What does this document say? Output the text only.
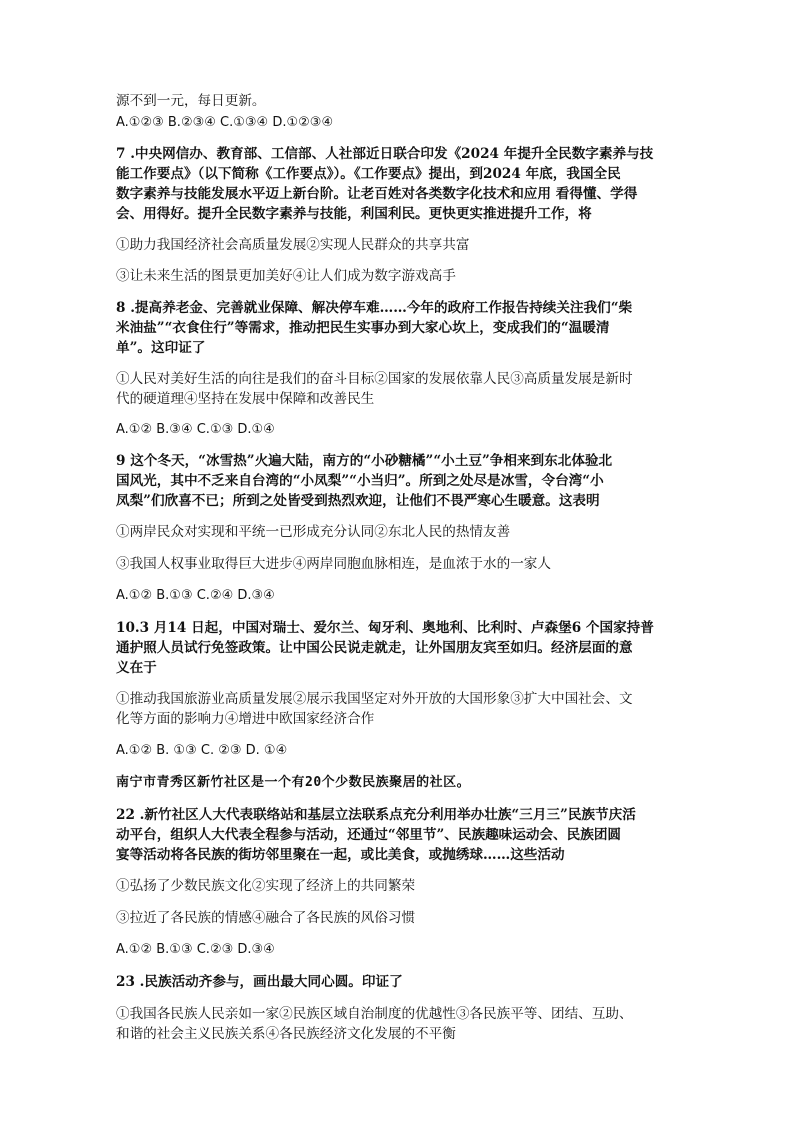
源不到一元，每日更新。
A.①②③ B.②③④ C.①③④ D.①②③④
7 .中央网信办、教育部、工信部、人社部近日联合印发《2024 年提升全民数字素养与技
能工作要点》（以下简称《工作要点》）。《工作要点》提出，到2024 年底，我国全民
数字素养与技能发展水平迈上新台阶。让老百姓对各类数字化技术和应用 看得懂、学得
会、用得好。提升全民数字素养与技能，利国利民。更快更实推进提升工作，将
①助力我国经济社会高质量发展②实现人民群众的共享共富
③让未来生活的图景更加美好④让人们成为数字游戏高手
8 .提高养老金、完善就业保障、解决停车难……今年的政府工作报告持续关注我们“柴
米油盐”“衣食住行”等需求，推动把民生实事办到大家心坎上，变成我们的“温暖清
单”。这印证了
①人民对美好生活的向往是我们的奋斗目标②国家的发展依靠人民③高质量发展是新时
代的硬道理④坚持在发展中保障和改善民生
A.①② B.③④ C.①③ D.①④
9 这个冬天，“冰雪热”火遍大陆，南方的“小砂糖橘”“小土豆”争相来到东北体验北
国风光，其中不乏来自台湾的“小凤梨”“小当归”。所到之处尽是冰雪，令台湾“小
凤梨”们欣喜不已；所到之处皆受到热烈欢迎，让他们不畏严寒心生暖意。这表明
①两岸民众对实现和平统一已形成充分认同②东北人民的热情友善
③我国人权事业取得巨大进步④两岸同胞血脉相连，是血浓于水的一家人
A.①② B.①③ C.②④ D.③④
10.3 月14 日起，中国对瑞士、爱尔兰、匈牙利、奥地利、比利时、卢森堡6 个国家持普
通护照人员试行免签政策。让中国公民说走就走，让外国朋友宾至如归。经济层面的意
义在于
①推动我国旅游业高质量发展②展示我国坚定对外开放的大国形象③扩大中国社会、文
化等方面的影响力④增进中欧国家经济合作
A.①② B. ①③ C. ②③ D. ①④
南宁市青秀区新竹社区是一个有20个少数民族聚居的社区。
22 .新竹社区人大代表联络站和基层立法联系点充分利用举办壮族“三月三”民族节庆活
动平台，组织人大代表全程参与活动，还通过“邻里节”、民族趣味运动会、民族团圆
宴等活动将各民族的街坊邻里聚在一起，或比美食，或抛绣球……这些活动
①弘扬了少数民族文化②实现了经济上的共同繁荣
③拉近了各民族的情感④融合了各民族的风俗习惯
A.①② B.①③ C.②③ D.③④
23 .民族活动齐参与，画出最大同心圆。印证了
①我国各民族人民亲如一家②民族区域自治制度的优越性③各民族平等、团结、互助、
和谐的社会主义民族关系④各民族经济文化发展的不平衡
